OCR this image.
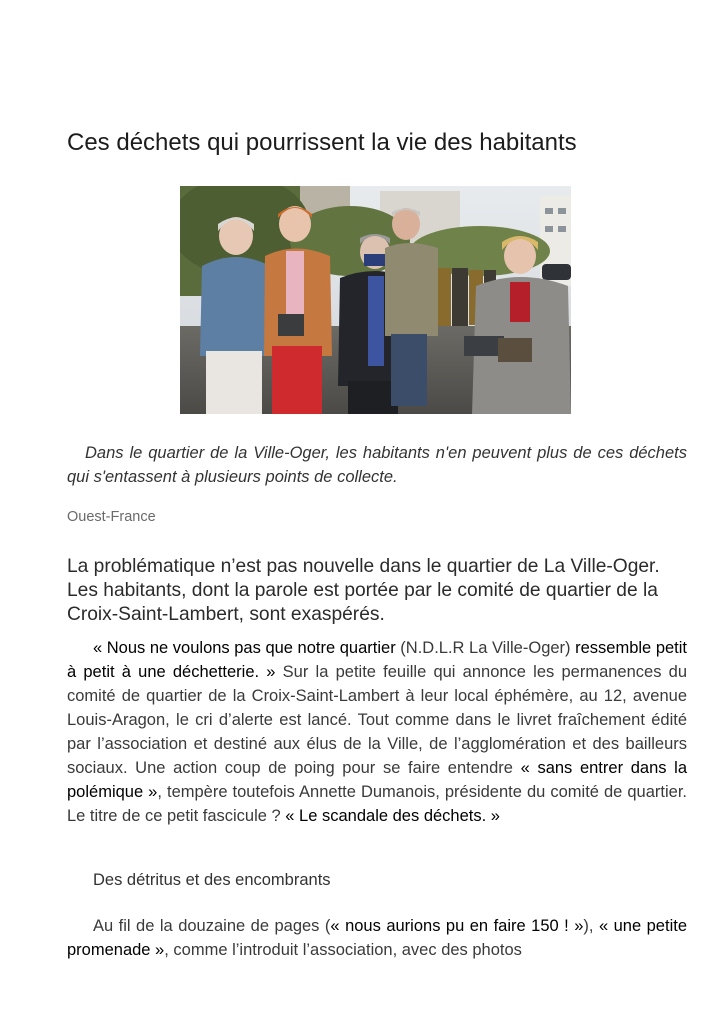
Ces déchets qui pourrissent la vie des habitants

Dans le quartier de la Ville-Oger, les habitants n'en peuvent plus de ces déchets qui s'entassent à plusieurs points de collecte.

Ouest-France

La problématique n’est pas nouvelle dans le quartier de La Ville-Oger. Les habitants, dont la parole est portée par le comité de quartier de la Croix-Saint-Lambert, sont exaspérés.

« Nous ne voulons pas que notre quartier (N.D.L.R La Ville-Oger) ressemble petit à petit à une déchetterie. » Sur la petite feuille qui annonce les permanences du comité de quartier de la Croix-Saint-Lambert à leur local éphémère, au 12, avenue Louis-Aragon, le cri d’alerte est lancé. Tout comme dans le livret fraîchement édité par l’association et destiné aux élus de la Ville, de l’agglomération et des bailleurs sociaux. Une action coup de poing pour se faire entendre « sans entrer dans la polémique », tempère toutefois Annette Dumanois, présidente du comité de quartier. Le titre de ce petit fascicule ? « Le scandale des déchets. »

Des détritus et des encombrants

Au fil de la douzaine de pages (« nous aurions pu en faire 150 ! »), « une petite promenade », comme l’introduit l’association, avec des photos
